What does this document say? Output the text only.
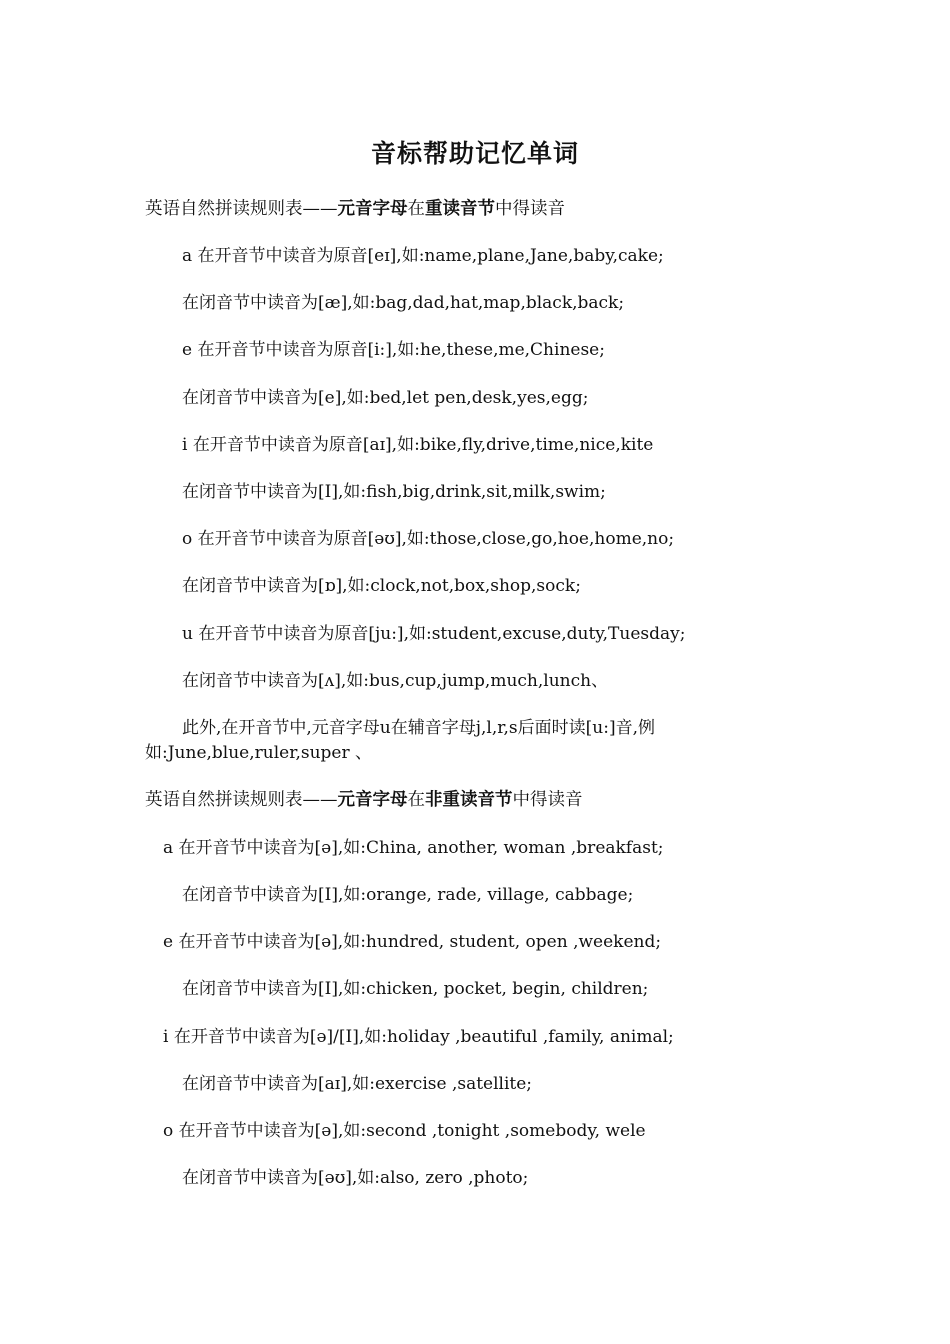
音标帮助记忆单词
英语自然拼读规则表——元音字母在重读音节中得读音
a 在开音节中读音为原音[eɪ],如:name,plane,Jane,baby,cake;
在闭音节中读音为[æ],如:bag,dad,hat,map,black,back;
e 在开音节中读音为原音[i:],如:he,these,me,Chinese;
在闭音节中读音为[e],如:bed,let pen,desk,yes,egg;
i 在开音节中读音为原音[aɪ],如:bike,fly,drive,time,nice,kite
在闭音节中读音为[I],如:fish,big,drink,sit,milk,swim;
o 在开音节中读音为原音[əʊ],如:those,close,go,hoe,home,no;
在闭音节中读音为[ɒ],如:clock,not,box,shop,sock;
u 在开音节中读音为原音[ju:],如:student,excuse,duty,Tuesday;
在闭音节中读音为[ʌ],如:bus,cup,jump,much,lunch、
此外,在开音节中,元音字母u在辅音字母j,l,r,s后面时读[u:]音,例
如:June,blue,ruler,super 、
英语自然拼读规则表——元音字母在非重读音节中得读音
a 在开音节中读音为[ə],如:China, another, woman ,breakfast;
在闭音节中读音为[I],如:orange, rade, village, cabbage;
e 在开音节中读音为[ə],如:hundred, student, open ,weekend;
在闭音节中读音为[I],如:chicken, pocket, begin, children;
i 在开音节中读音为[ə]/[I],如:holiday ,beautiful ,family, animal;
在闭音节中读音为[aɪ],如:exercise ,satellite;
o 在开音节中读音为[ə],如:second ,tonight ,somebody, wele
在闭音节中读音为[əʊ],如:also, zero ,photo;
